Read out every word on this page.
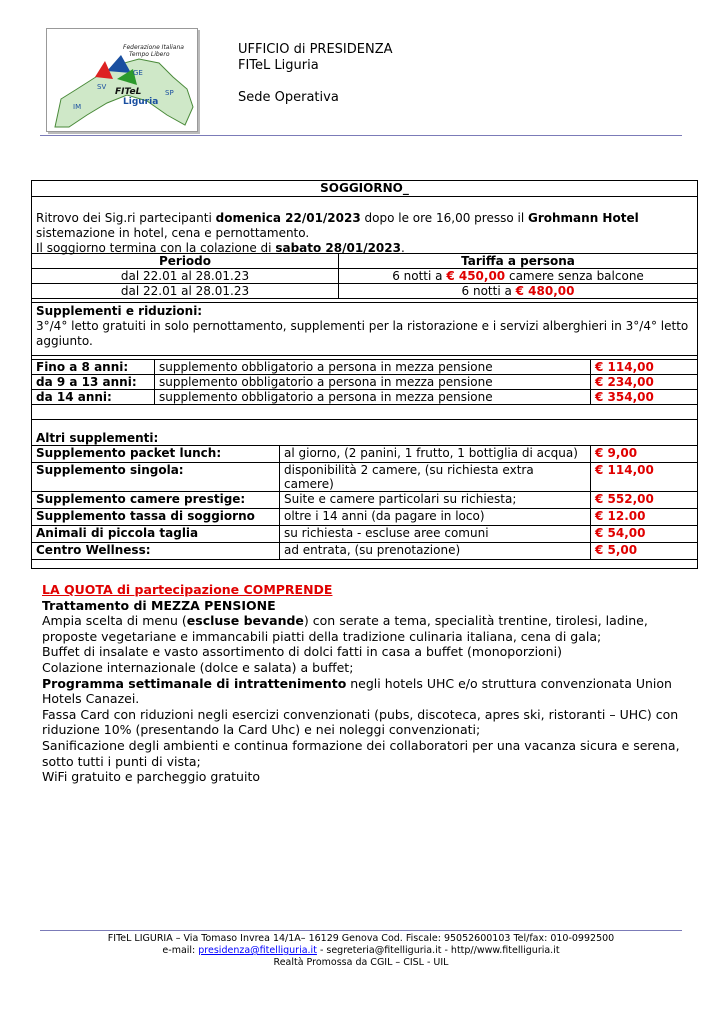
Federazione Italiana
Tempo Libero
GE
SV
SP
IM
FITeL
Liguria
UFFICIO di PRESIDENZA
FITeL Liguria
Sede Operativa
SOGGIORNO_
Ritrovo dei Sig.ri partecipanti domenica 22/01/2023 dopo le ore 16,00 presso il Grohmann Hotel
sistemazione in hotel, cena e pernottamento.
Il soggiorno termina con la colazione di sabato 28/01/2023.
Periodo	Tariffa a persona
dal 22.01 al 28.01.23	6 notti a € 450,00 camere senza balcone
dal 22.01 al 28.01.23	6 notti a € 480,00
Supplementi e riduzioni:
3°/4° letto gratuiti in solo pernottamento, supplementi per la ristorazione e i servizi alberghieri in 3°/4° letto aggiunto.
Fino a 8 anni:	supplemento obbligatorio a persona in mezza pensione	€ 114,00
da 9 a 13 anni:	supplemento obbligatorio a persona in mezza pensione	€ 234,00
da 14 anni:	supplemento obbligatorio a persona in mezza pensione	€ 354,00
Altri supplementi:
Supplemento packet lunch:	al giorno, (2 panini, 1 frutto, 1 bottiglia di acqua)	€ 9,00
Supplemento singola:	disponibilità 2 camere, (su richiesta extra camere)	€ 114,00
Supplemento camere prestige:	Suite e camere particolari su richiesta;	€ 552,00
Supplemento tassa di soggiorno	oltre i 14 anni (da pagare in loco)	€ 12.00
Animali di piccola taglia	su richiesta - escluse aree comuni	€ 54,00
Centro Wellness:	ad entrata, (su prenotazione)	€ 5,00
LA QUOTA di partecipazione COMPRENDE
Trattamento di MEZZA PENSIONE
Ampia scelta di menu (escluse bevande) con serate a tema, specialità trentine, tirolesi, ladine, proposte vegetariane e immancabili piatti della tradizione culinaria italiana, cena di gala;
Buffet di insalate e vasto assortimento di dolci fatti in casa a buffet (monoporzioni)
Colazione internazionale (dolce e salata) a buffet;
Programma settimanale di intrattenimento negli hotels UHC e/o struttura convenzionata Union Hotels Canazei.
Fassa Card con riduzioni negli esercizi convenzionati (pubs, discoteca, apres ski, ristoranti – UHC) con riduzione 10% (presentando la Card Uhc) e nei noleggi convenzionati;
Sanificazione degli ambienti e continua formazione dei collaboratori per una vacanza sicura e serena, sotto tutti i punti di vista;
WiFi gratuito e parcheggio gratuito
FITeL LIGURIA – Via Tomaso Invrea 14/1A– 16129 Genova Cod. Fiscale: 95052600103 Tel/fax: 010-0992500
e-mail: presidenza@fitelliguria.it - segreteria@fitelliguria.it - http//www.fitelliguria.it
Realtà Promossa da CGIL – CISL - UIL
